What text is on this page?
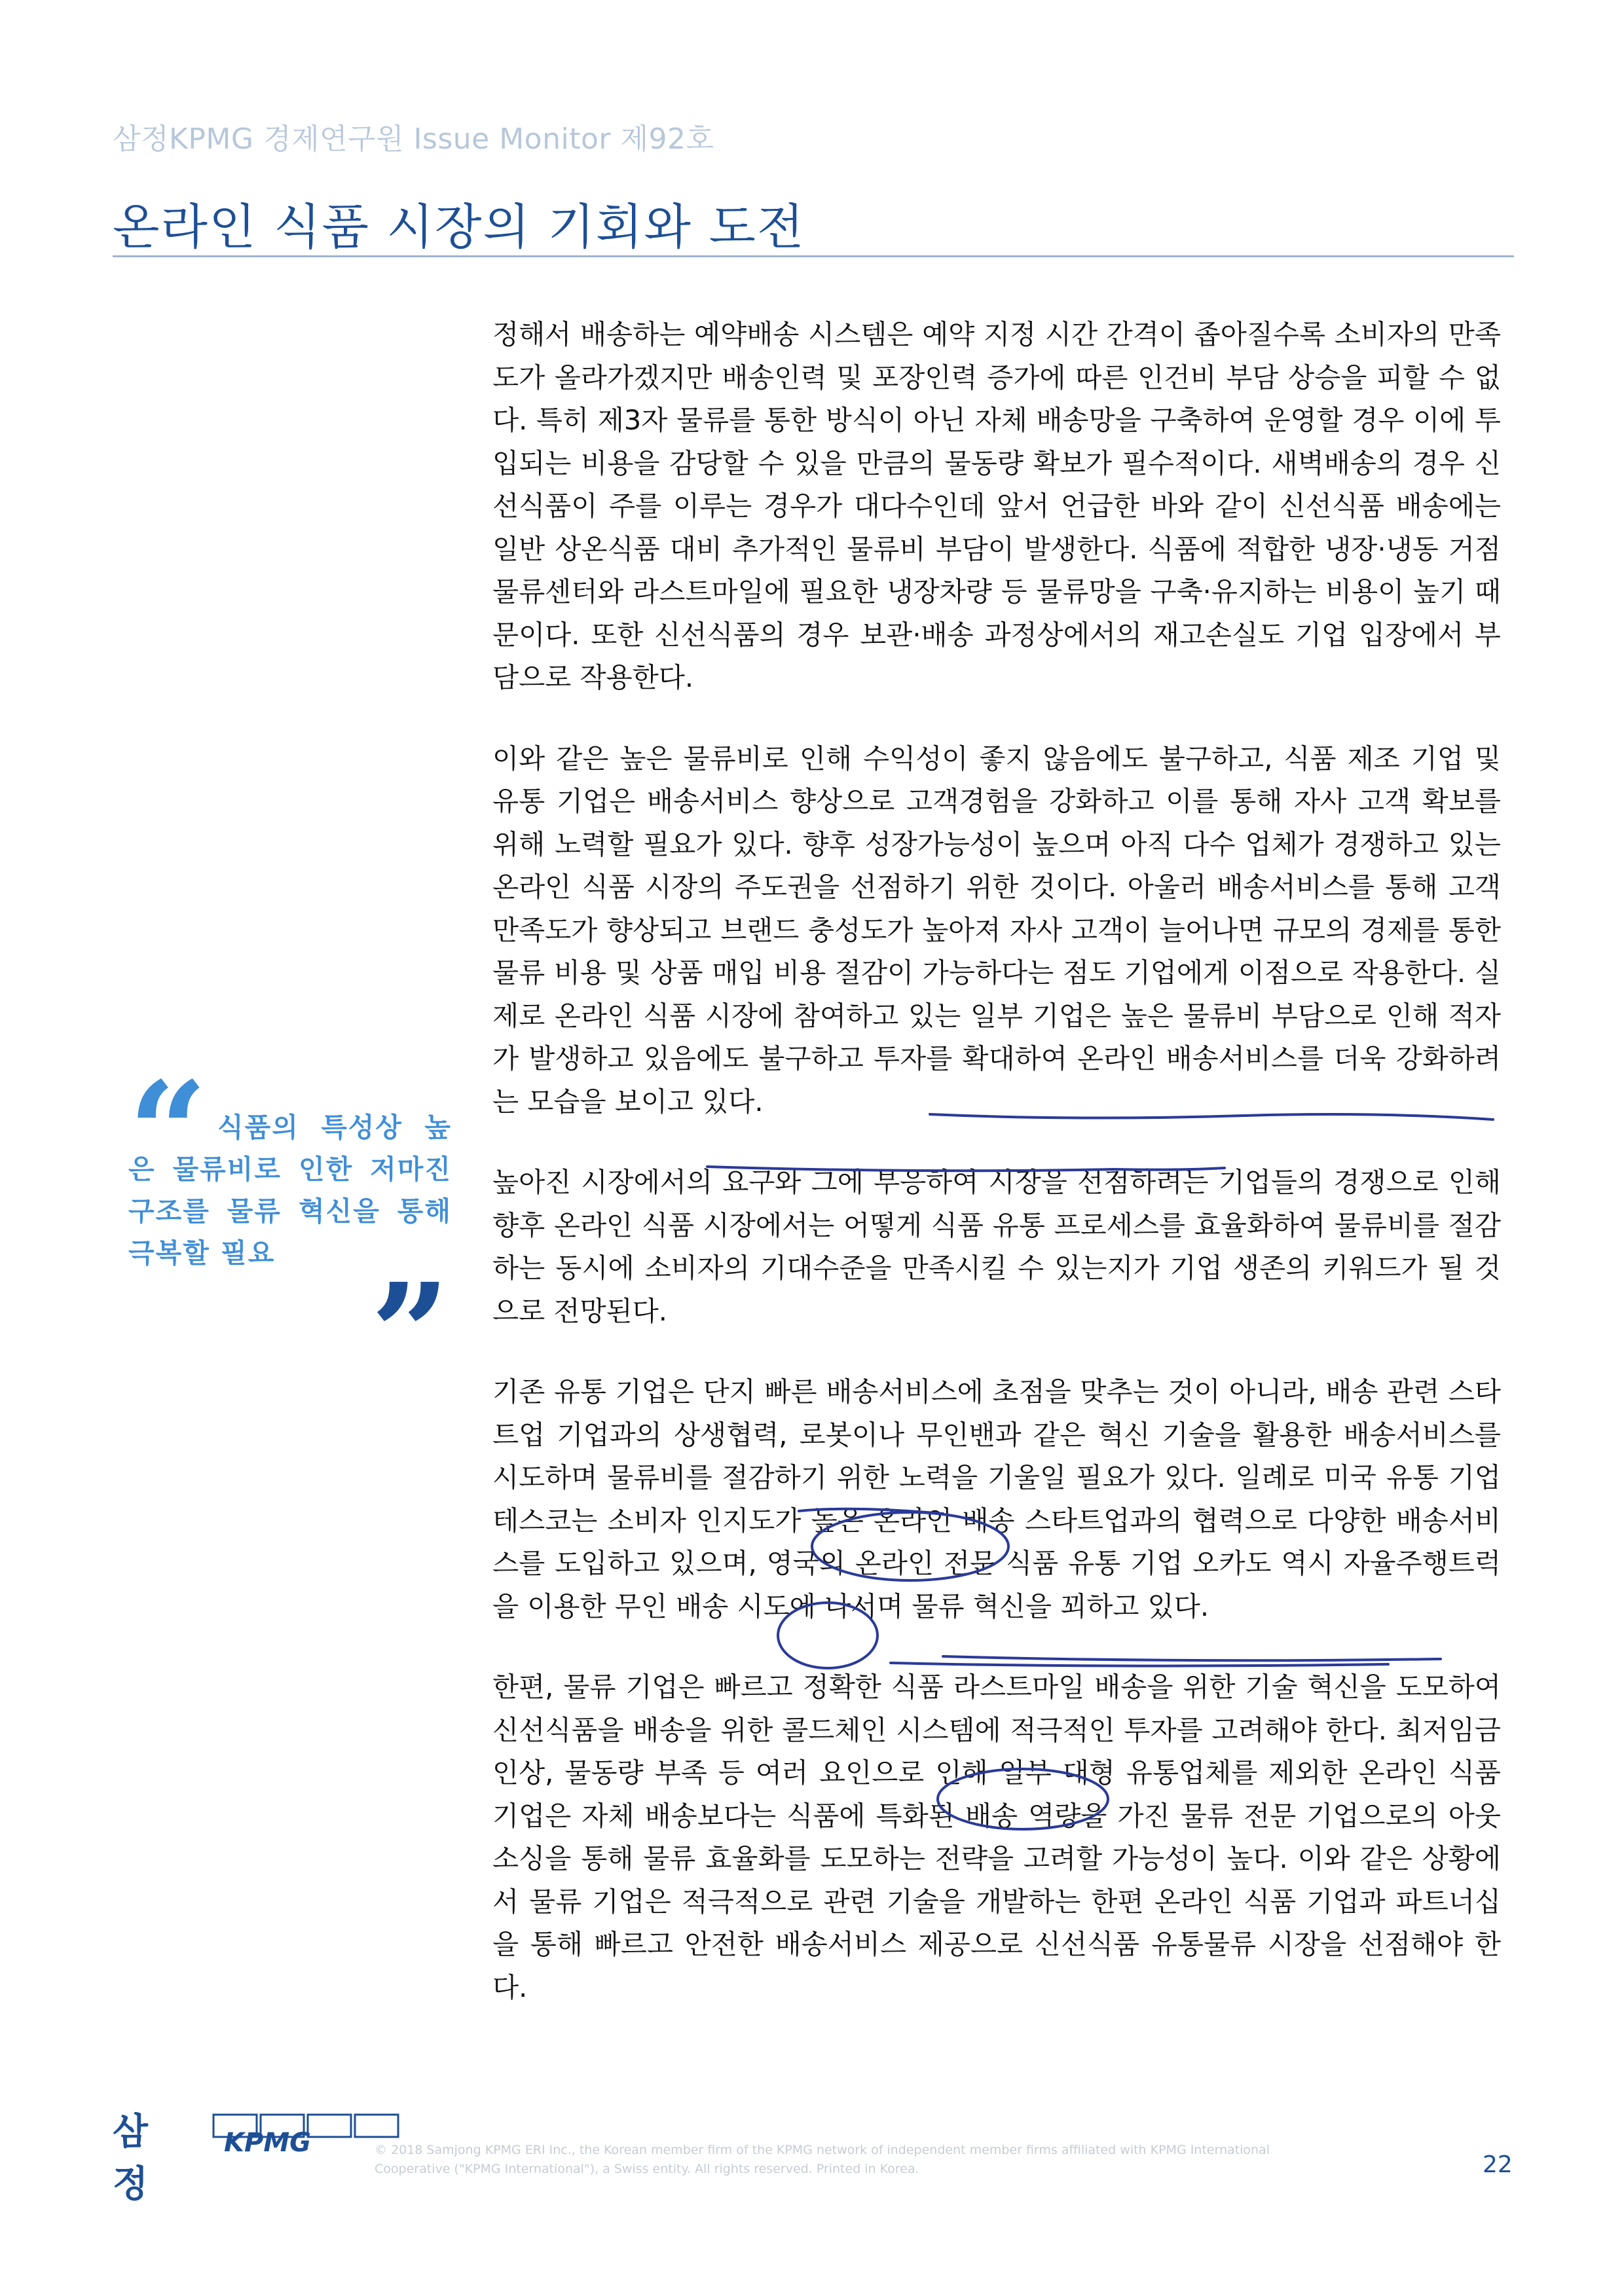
삼정KPMG 경제연구원 Issue Monitor 제92호
온라인 식품 시장의 기회와 도전

정해서 배송하는 예약배송 시스템은 예약 지정 시간 간격이 좁아질수록 소비자의 만족도가 올라가겠지만 배송인력 및 포장인력 증가에 따른 인건비 부담 상승을 피할 수 없다. 특히 제3자 물류를 통한 방식이 아닌 자체 배송망을 구축하여 운영할 경우 이에 투입되는 비용을 감당할 수 있을 만큼의 물동량 확보가 필수적이다. 새벽배송의 경우 신선식품이 주를 이루는 경우가 대다수인데 앞서 언급한 바와 같이 신선식품 배송에는 일반 상온식품 대비 추가적인 물류비 부담이 발생한다. 식품에 적합한 냉장·냉동 거점 물류센터와 라스트마일에 필요한 냉장차량 등 물류망을 구축·유지하는 비용이 높기 때문이다. 또한 신선식품의 경우 보관·배송 과정상에서의 재고손실도 기업 입장에서 부담으로 작용한다.

이와 같은 높은 물류비로 인해 수익성이 좋지 않음에도 불구하고, 식품 제조 기업 및 유통 기업은 배송서비스 향상으로 고객경험을 강화하고 이를 통해 자사 고객 확보를 위해 노력할 필요가 있다. 향후 성장가능성이 높으며 아직 다수 업체가 경쟁하고 있는 온라인 식품 시장의 주도권을 선점하기 위한 것이다. 아울러 배송서비스를 통해 고객만족도가 향상되고 브랜드 충성도가 높아져 자사 고객이 늘어나면 규모의 경제를 통한 물류 비용 및 상품 매입 비용 절감이 가능하다는 점도 기업에게 이점으로 작용한다. 실제로 온라인 식품 시장에 참여하고 있는 일부 기업은 높은 물류비 부담으로 인해 적자가 발생하고 있음에도 불구하고 투자를 확대하여 온라인 배송서비스를 더욱 강화하려는 모습을 보이고 있다.

높아진 시장에서의 요구와 그에 부응하여 시장을 선점하려는 기업들의 경쟁으로 인해 향후 온라인 식품 시장에서는 어떻게 식품 유통 프로세스를 효율화하여 물류비를 절감하는 동시에 소비자의 기대수준을 만족시킬 수 있는지가 기업 생존의 키워드가 될 것으로 전망된다.

기존 유통 기업은 단지 빠른 배송서비스에 초점을 맞추는 것이 아니라, 배송 관련 스타트업 기업과의 상생협력, 로봇이나 무인밴과 같은 혁신 기술을 활용한 배송서비스를 시도하며 물류비를 절감하기 위한 노력을 기울일 필요가 있다. 일례로 미국 유통 기업 테스코는 소비자 인지도가 높은 온라인 배송 스타트업과의 협력으로 다양한 배송서비스를 도입하고 있으며, 영국의 온라인 전문 식품 유통 기업 오카도 역시 자율주행트럭을 이용한 무인 배송 시도에 나서며 물류 혁신을 꾀하고 있다.

한편, 물류 기업은 빠르고 정확한 식품 라스트마일 배송을 위한 기술 혁신을 도모하여 신선식품을 배송을 위한 콜드체인 시스템에 적극적인 투자를 고려해야 한다. 최저임금 인상, 물동량 부족 등 여러 요인으로 인해 일부 대형 유통업체를 제외한 온라인 식품 기업은 자체 배송보다는 식품에 특화된 배송 역량을 가진 물류 전문 기업으로의 아웃소싱을 통해 물류 효율화를 도모하는 전략을 고려할 가능성이 높다. 이와 같은 상황에서 물류 기업은 적극적으로 관련 기술을 개발하는 한편 온라인 식품 기업과 파트너십을 통해 빠르고 안전한 배송서비스 제공으로 신선식품 유통물류 시장을 선점해야 한다.

“ 식품의 특성상 높은 물류비로 인한 저마진 구조를 물류 혁신을 통해 극복할 필요 ”
삼정
KPMG	© 2018 Samjong KPMG ERI Inc., the Korean member firm of the KPMG network of independent member firms affiliated with KPMG International Cooperative ("KPMG International"), a Swiss entity. All rights reserved. Printed in Korea.	22
